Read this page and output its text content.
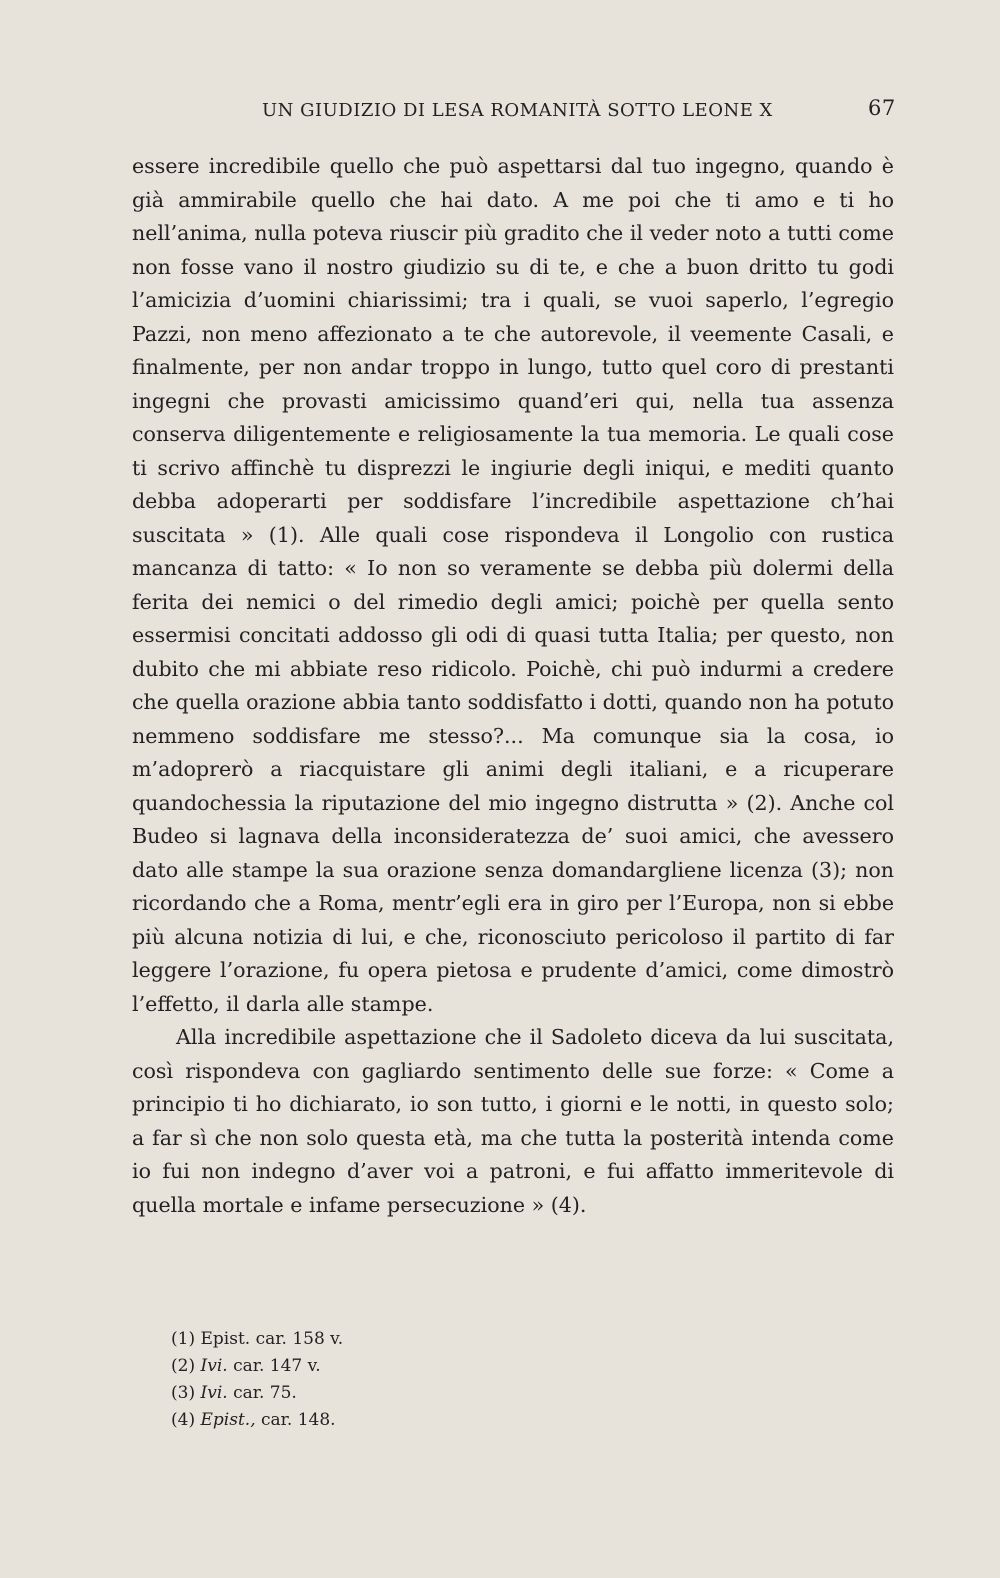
UN GIUDIZIO DI LESA ROMANITÀ SOTTO LEONE X	67

essere incredibile quello che può aspettarsi dal tuo ingegno, quando è già ammirabile quello che hai dato. A me poi che ti amo e ti ho nell’anima, nulla poteva riuscir più gradito che il veder noto a tutti come non fosse vano il nostro giudizio su di te, e che a buon dritto tu godi l’amicizia d’uomini chiarissimi; tra i quali, se vuoi saperlo, l’egregio Pazzi, non meno affezionato a te che autorevole, il veemente Casali, e finalmente, per non andar troppo in lungo, tutto quel coro di prestanti ingegni che provasti amicissimo quand’eri qui, nella tua assenza conserva diligentemente e religiosamente la tua memoria. Le quali cose ti scrivo affinchè tu disprezzi le ingiurie degli iniqui, e mediti quanto debba adoperarti per soddisfare l’incredibile aspettazione ch’hai suscitata » (1). Alle quali cose rispondeva il Longolio con rustica mancanza di tatto: « Io non so veramente se debba più dolermi della ferita dei nemici o del rimedio degli amici; poichè per quella sento essermisi concitati addosso gli odi di quasi tutta Italia; per questo, non dubito che mi abbiate reso ridicolo. Poichè, chi può indurmi a credere che quella orazione abbia tanto soddisfatto i dotti, quando non ha potuto nemmeno soddisfare me stesso?... Ma comunque sia la cosa, io m’adoprerò a riacquistare gli animi degli italiani, e a ricuperare quandochessia la riputazione del mio ingegno distrutta » (2). Anche col Budeo si lagnava della inconsideratezza de’ suoi amici, che avessero dato alle stampe la sua orazione senza domandargliene licenza (3); non ricordando che a Roma, mentr’egli era in giro per l’Europa, non si ebbe più alcuna notizia di lui, e che, riconosciuto pericoloso il partito di far leggere l’orazione, fu opera pietosa e prudente d’amici, come dimostrò l’effetto, il darla alle stampe.

Alla incredibile aspettazione che il Sadoleto diceva da lui suscitata, così rispondeva con gagliardo sentimento delle sue forze: « Come a principio ti ho dichiarato, io son tutto, i giorni e le notti, in questo solo; a far sì che non solo questa età, ma che tutta la posterità intenda come io fui non indegno d’aver voi a patroni, e fui affatto immeritevole di quella mortale e infame persecuzione » (4).

(1) Epist. car. 158 v.
(2) Ivi. car. 147 v.
(3) Ivi. car. 75.
(4) Epist., car. 148.
